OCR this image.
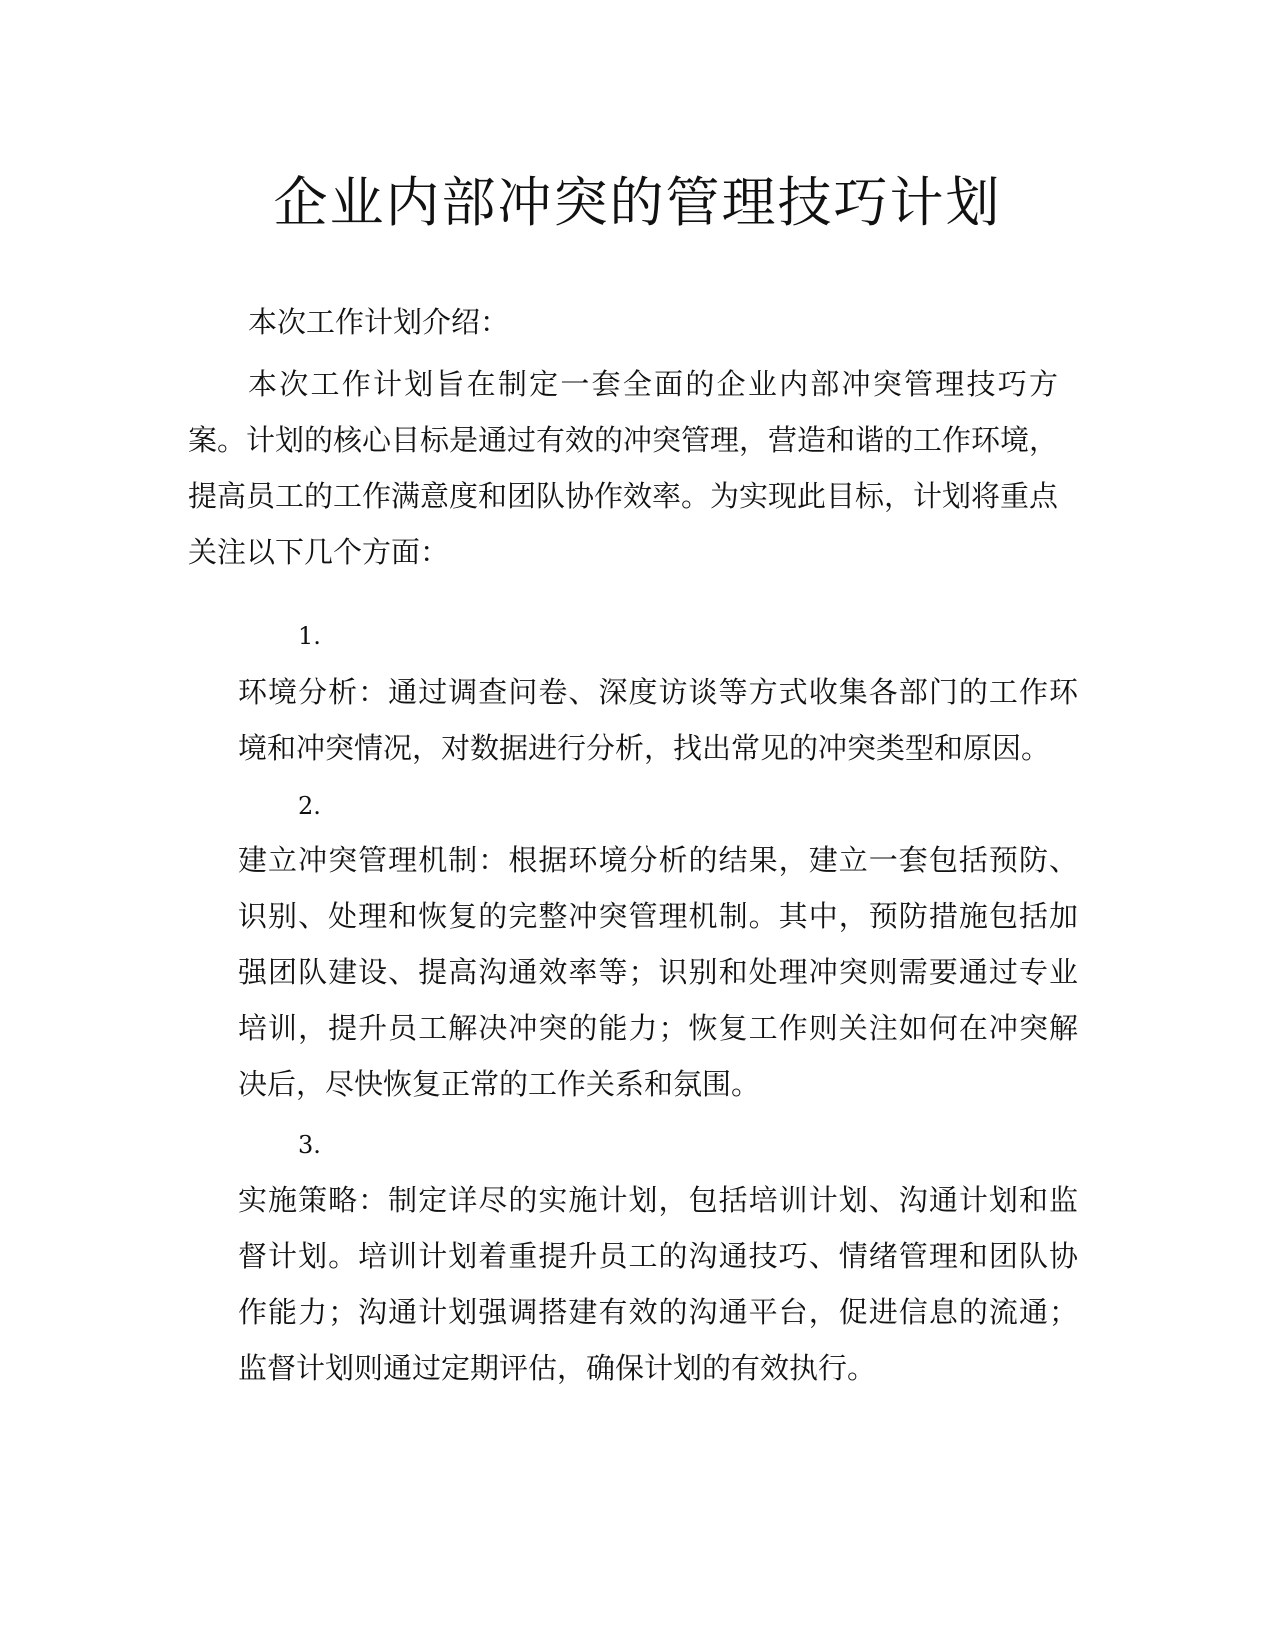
企业内部冲突的管理技巧计划

本次工作计划介绍：

本次工作计划旨在制定一套全面的企业内部冲突管理技巧方案。计划的核心目标是通过有效的冲突管理，营造和谐的工作环境，提高员工的工作满意度和团队协作效率。为实现此目标，计划将重点关注以下几个方面：

1.

环境分析：通过调查问卷、深度访谈等方式收集各部门的工作环境和冲突情况，对数据进行分析，找出常见的冲突类型和原因。

2.

建立冲突管理机制：根据环境分析的结果，建立一套包括预防、识别、处理和恢复的完整冲突管理机制。其中，预防措施包括加强团队建设、提高沟通效率等；识别和处理冲突则需要通过专业培训，提升员工解决冲突的能力；恢复工作则关注如何在冲突解决后，尽快恢复正常的工作关系和氛围。

3.

实施策略：制定详尽的实施计划，包括培训计划、沟通计划和监督计划。培训计划着重提升员工的沟通技巧、情绪管理和团队协作能力；沟通计划强调搭建有效的沟通平台，促进信息的流通；监督计划则通过定期评估，确保计划的有效执行。
